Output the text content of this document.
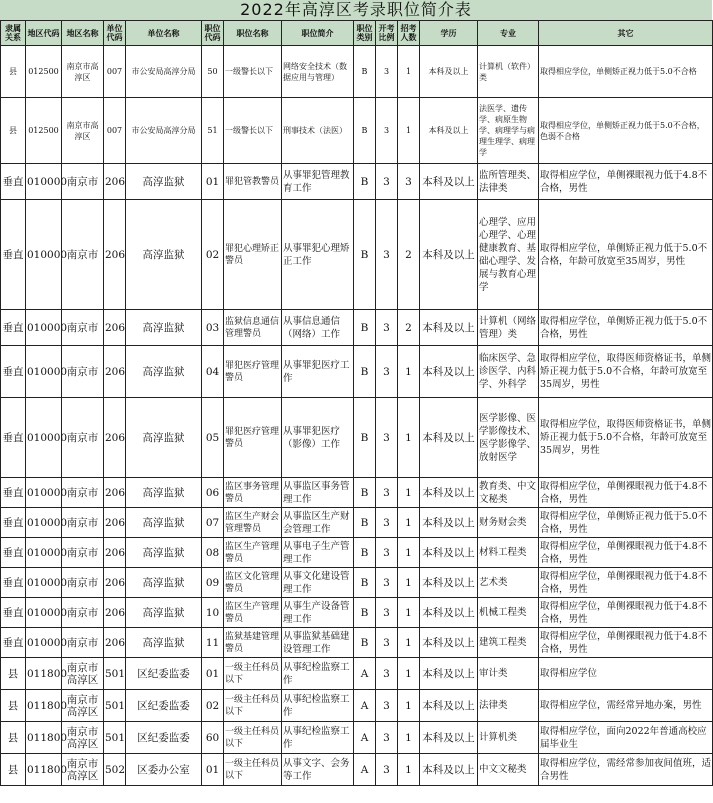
2022年高淳区考录职位简介表
隶属关系	地区代码	地区名称	单位代码	单位名称	职位代码	职位名称	职位简介	职位类别	开考比例	招考人数	学历	专业	其它
县	012500	南京市高淳区	007	市公安局高淳分局	50	一级警长以下	网络安全技术（数据应用与管理）	B	3	1	本科及以上	计算机（软件）类	取得相应学位，单侧矫正视力低于5.0不合格
县	012500	南京市高淳区	007	市公安局高淳分局	51	一级警长以下	刑事技术（法医）	B	3	1	本科及以上	法医学、遗传学、病原生物学、病理学与病理生理学、病理学	取得相应学位，单侧矫正视力低于5.0不合格，色弱不合格
垂直	010000	南京市	206	高淳监狱	01	罪犯管教警员	从事罪犯管理教育工作	B	3	3	本科及以上	监所管理类、法律类	取得相应学位，单侧裸眼视力低于4.8不合格，男性
垂直	010000	南京市	206	高淳监狱	02	罪犯心理矫正警员	从事罪犯心理矫正工作	B	3	2	本科及以上	心理学、应用心理学、心理健康教育、基础心理学、发展与教育心理学	取得相应学位，单侧矫正视力低于5.0不合格，年龄可放宽至35周岁，男性
垂直	010000	南京市	206	高淳监狱	03	监狱信息通信管理警员	从事信息通信（网络）工作	B	3	2	本科及以上	计算机（网络管理）类	取得相应学位，单侧矫正视力低于5.0不合格，男性
垂直	010000	南京市	206	高淳监狱	04	罪犯医疗管理警员	从事罪犯医疗工作	B	3	1	本科及以上	临床医学、急诊医学、内科学、外科学	取得相应学位，取得医师资格证书，单侧矫正视力低于5.0不合格，年龄可放宽至35周岁，男性
垂直	010000	南京市	206	高淳监狱	05	罪犯医疗管理警员	从事罪犯医疗（影像）工作	B	3	1	本科及以上	医学影像、医学影像技术、医学影像学、放射医学	取得相应学位，取得医师资格证书，单侧矫正视力低于5.0不合格，年龄可放宽至35周岁，男性
垂直	010000	南京市	206	高淳监狱	06	监区事务管理警员	从事监区事务管理工作	B	3	1	本科及以上	教育类、中文文秘类	取得相应学位，单侧裸眼视力低于4.8不合格，男性
垂直	010000	南京市	206	高淳监狱	07	监区生产财会管理警员	从事监区生产财会管理工作	B	3	1	本科及以上	财务财会类	取得相应学位，单侧矫正视力低于5.0不合格，男性
垂直	010000	南京市	206	高淳监狱	08	监区生产管理警员	从事电子生产管理工作	B	3	1	本科及以上	材料工程类	取得相应学位，单侧裸眼视力低于4.8不合格，男性
垂直	010000	南京市	206	高淳监狱	09	监区文化管理警员	从事文化建设管理工作	B	3	1	本科及以上	艺术类	取得相应学位，单侧裸眼视力低于4.8不合格，男性
垂直	010000	南京市	206	高淳监狱	10	监区生产管理警员	从事生产设备管理工作	B	3	1	本科及以上	机械工程类	取得相应学位，单侧裸眼视力低于4.8不合格，男性
垂直	010000	南京市	206	高淳监狱	11	监狱基建管理警员	从事监狱基础建设管理工作	B	3	1	本科及以上	建筑工程类	取得相应学位，单侧裸眼视力低于4.8不合格，男性
县	011800	南京市高淳区	501	区纪委监委	01	一级主任科员以下	从事纪检监察工作	A	3	1	本科及以上	审计类	取得相应学位
县	011800	南京市高淳区	501	区纪委监委	02	一级主任科员以下	从事纪检监察工作	A	3	1	本科及以上	法律类	取得相应学位，需经常异地办案，男性
县	011800	南京市高淳区	501	区纪委监委	60	一级主任科员以下	从事纪检监察工作	A	3	1	本科及以上	计算机类	取得相应学位，面向2022年普通高校应届毕业生
县	011800	南京市高淳区	502	区委办公室	01	一级主任科员以下	从事文字、会务等工作	A	3	1	本科及以上	中文文秘类	取得相应学位，需经常参加夜间值班，适合男性
